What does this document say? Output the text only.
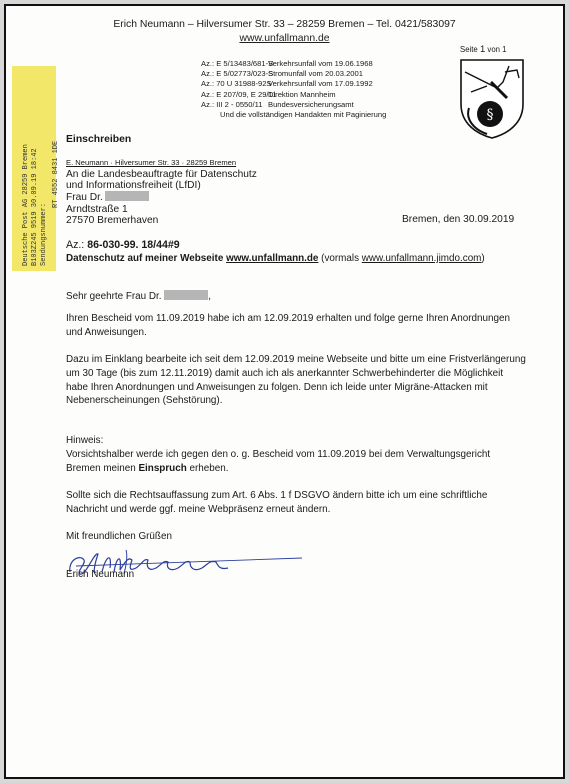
Erich Neumann – Hilversumer Str. 33 – 28259 Bremen – Tel. 0421/583097
www.unfallmann.de
Seite 1 von 1
§
Az.: E 5/13483/681-S
Az.: E 5/02773/023-S
Az.: 70 U 31988-92S
Az.: E 207/09, E 29/11
Az.: III 2 - 0550/11
Verkehrsunfall vom 19.06.1968
Stromunfall vom 20.03.2001
Verkehrsunfall vom 17.09.1992
Direktion Mannheim
Bundesversicherungsamt
Und die vollständigen Handakten mit Paginierung
Deutsche Post AG 28259 Bremen B103Z245 9519 30.09.19 18:42 Sendungsnummer:
RT 4552 8431 1DE
Einschreiben
E. Neumann · Hilversumer Str. 33 · 28259 Bremen
An die Landesbeauftragte für Datenschutz
und Informationsfreiheit (LfDI)
Frau Dr.
Arndtstraße 1
27570 Bremerhaven	Bremen, den 30.09.2019
Az.: 86-030-99. 18/44#9
Datenschutz auf meiner Webseite www.unfallmann.de (vormals www.unfallmann.jimdo.com)
Sehr geehrte Frau Dr.	,
Ihren Bescheid vom 11.09.2019 habe ich am 12.09.2019 erhalten und folge gerne Ihren Anordnungen und Anweisungen.
Dazu im Einklang bearbeite ich seit dem 12.09.2019 meine Webseite und bitte um eine Fristverlängerung um 30 Tage (bis zum 12.11.2019) damit auch ich als anerkannter Schwerbehinderter die Möglichkeit habe Ihren Anordnungen und Anweisungen zu folgen. Denn ich leide unter Migräne-Attacken mit Nebenerscheinungen (Sehstörung).
Hinweis:
Vorsichtshalber werde ich gegen den o. g. Bescheid vom 11.09.2019 bei dem Verwaltungsgericht Bremen meinen Einspruch erheben.
Sollte sich die Rechtsauffassung zum Art. 6 Abs. 1 f DSGVO ändern bitte ich um eine schriftliche Nachricht und werde ggf. meine Webpräsenz erneut ändern.
Mit freundlichen Grüßen
Erich Neumann
